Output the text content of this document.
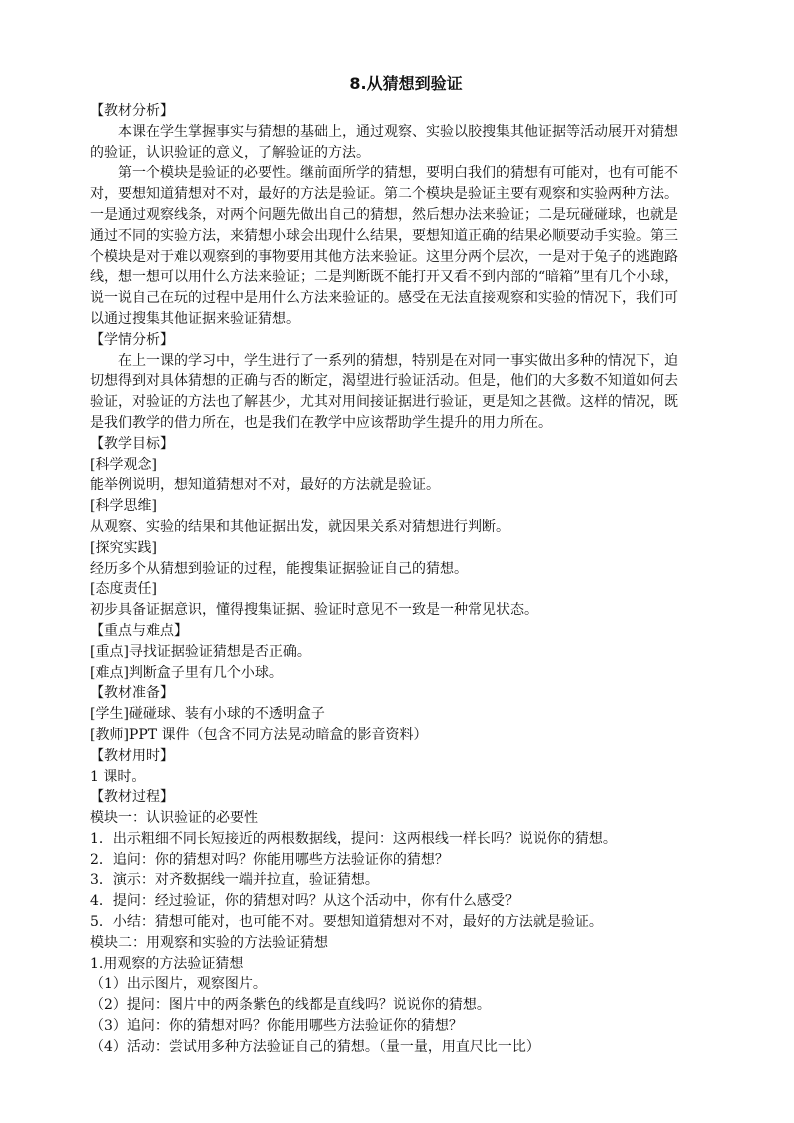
8.从猜想到验证
【教材分析】
本课在学生掌握事实与猜想的基础上，通过观察、实验以胶搜集其他证据等活动展开对猜想
的验证，认识验证的意义，了解验证的方法。
第一个模块是验证的必要性。继前面所学的猜想，要明白我们的猜想有可能对，也有可能不
对，要想知道猜想对不对，最好的方法是验证。第二个模块是验证主要有观察和实验两种方法。
一是通过观察线条，对两个问题先做出自己的猜想，然后想办法来验证；二是玩碰碰球，也就是
通过不同的实验方法，来猜想小球会出现什么结果，要想知道正确的结果必顺要动手实验。第三
个模块是对于难以观察到的事物要用其他方法来验证。这里分两个层次，一是对于兔子的逃跑路
线，想一想可以用什么方法来验证；二是判断既不能打开又看不到内部的“暗箱”里有几个小球，
说一说自己在玩的过程中是用什么方法来验证的。感受在无法直接观察和实验的情况下，我们可
以通过搜集其他证据来验证猜想。
【学情分析】
在上一课的学习中，学生进行了一系列的猜想，特别是在对同一事实做出多种的情况下，迫
切想得到对具体猜想的正确与否的断定，渴望进行验证活动。但是，他们的大多数不知道如何去
验证，对验证的方法也了解甚少，尤其对用间接证据进行验证，更是知之甚微。这样的情况，既
是我们教学的借力所在，也是我们在教学中应该帮助学生提升的用力所在。
【教学目标】
[科学观念]
能举例说明，想知道猜想对不对，最好的方法就是验证。
[科学思维]
从观察、实验的结果和其他证据出发，就因果关系对猜想进行判断。
[探究实践]
经历多个从猜想到验证的过程，能搜集证据验证自己的猜想。
[态度责任]
初步具备证据意识，懂得搜集证据、验证时意见不一致是一种常见状态。
【重点与难点】
[重点]寻找证据验证猜想是否正确。
[难点]判断盒子里有几个小球。
【教材准备】
[学生]碰碰球、装有小球的不透明盒子
[教师]PPT 课件（包含不同方法晃动暗盒的影音资料）
【教材用时】
1 课时。
【教材过程】
模块一：认识验证的必要性
1．出示粗细不同长短接近的两根数据线，提问：这两根线一样长吗？说说你的猜想。
2．追问：你的猜想对吗？你能用哪些方法验证你的猜想？
3．演示：对齐数据线一端并拉直，验证猜想。
4．提问：经过验证，你的猜想对吗？从这个活动中，你有什么感受？
5．小结：猜想可能对，也可能不对。要想知道猜想对不对，最好的方法就是验证。
模块二：用观察和实验的方法验证猜想
1.用观察的方法验证猜想
（1）出示图片，观察图片。
（2）提问：图片中的两条紫色的线都是直线吗？说说你的猜想。
（3）追问：你的猜想对吗？你能用哪些方法验证你的猜想？
（4）活动：尝试用多种方法验证自己的猜想。（量一量，用直尺比一比）
